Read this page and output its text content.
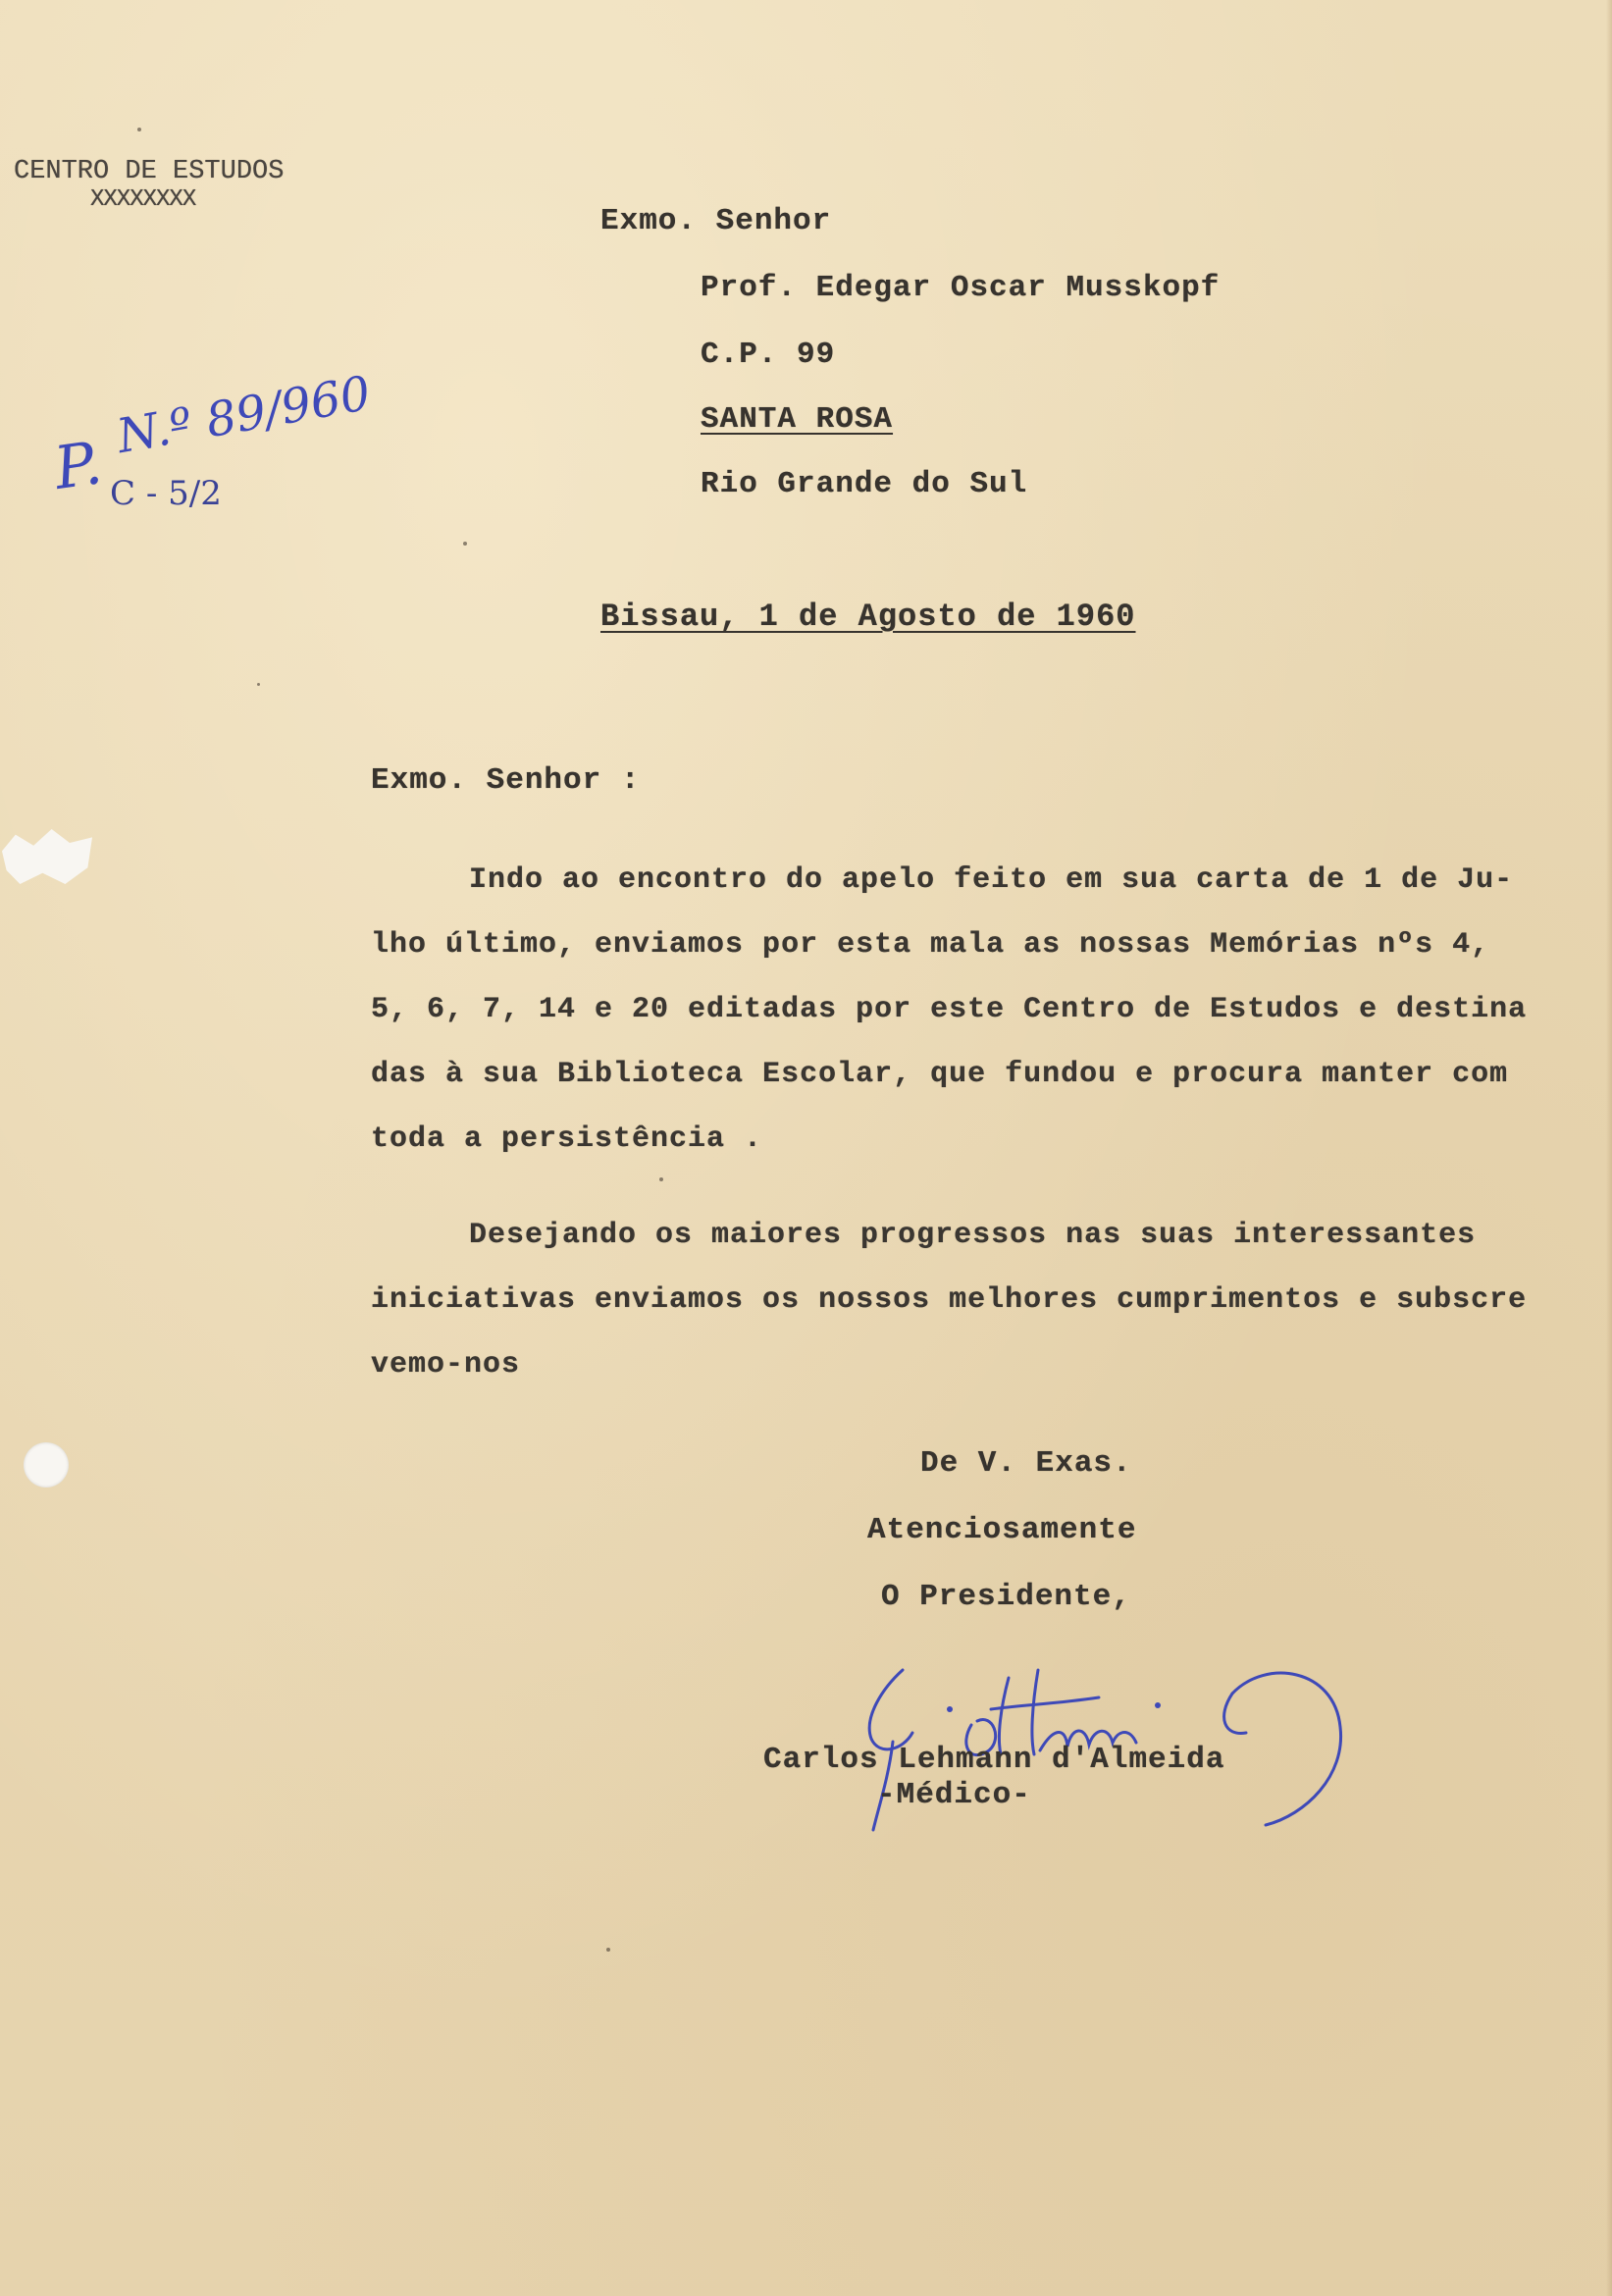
CENTRO DE ESTUDOS
XXXXXXXX
P.
N.º 89/960
C - 5/2
Exmo. Senhor
Prof. Edegar Oscar Musskopf
C.P. 99
SANTA ROSA
Rio Grande do Sul
Bissau, 1 de Agosto de 1960
Exmo. Senhor :
Indo ao encontro do apelo feito em sua carta de 1 de Ju-
lho último, enviamos por esta mala as nossas Memórias nºs 4,
5, 6, 7, 14 e 20 editadas por este Centro de Estudos e destina
das à sua Biblioteca Escolar, que fundou e procura manter com
toda a persistência .
Desejando os maiores progressos nas suas interessantes
iniciativas enviamos os nossos melhores cumprimentos e subscre
vemo-nos
De V. Exas.
Atenciosamente
O Presidente,
Carlos Lehmann d'Almeida
-Médico-
